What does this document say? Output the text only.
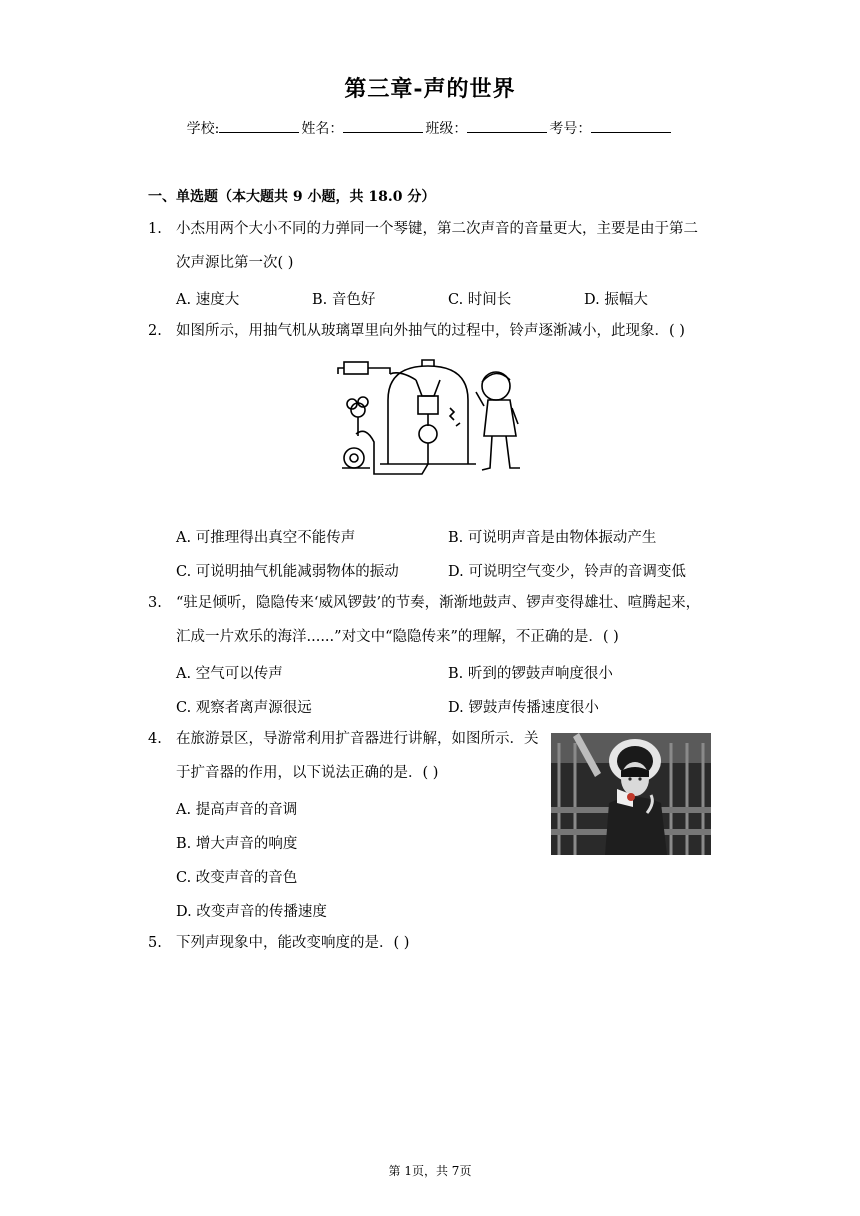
第三章-声的世界
学校:	姓名：	班级：	考号：
一、单选题（本大题共 9 小题，共 18.0 分）
1. 小杰用两个大小不同的力弹同一个琴键，第二次声音的音量更大，主要是由于第二
次声源比第一次( )
A. 速度大	B. 音色好	C. 时间长	D. 振幅大
2. 如图所示，用抽气机从玻璃罩里向外抽气的过程中，铃声逐渐减小，此现象．( )
A. 可推理得出真空不能传声	B. 可说明声音是由物体振动产生
C. 可说明抽气机能减弱物体的振动	D. 可说明空气变少，铃声的音调变低
3. “驻足倾听，隐隐传来‘威风锣鼓’的节奏，渐渐地鼓声、锣声变得雄壮、喧腾起来，
汇成一片欢乐的海洋......”对文中“隐隐传来”的理解，不正确的是．( )
A. 空气可以传声	B. 听到的锣鼓声响度很小
C. 观察者离声源很远	D. 锣鼓声传播速度很小
4. 在旅游景区，导游常利用扩音器进行讲解，如图所示．关
于扩音器的作用，以下说法正确的是．( )
A. 提高声音的音调
B. 增大声音的响度
C. 改变声音的音色
D. 改变声音的传播速度
5. 下列声现象中，能改变响度的是．( )
第 1页，共 7页
